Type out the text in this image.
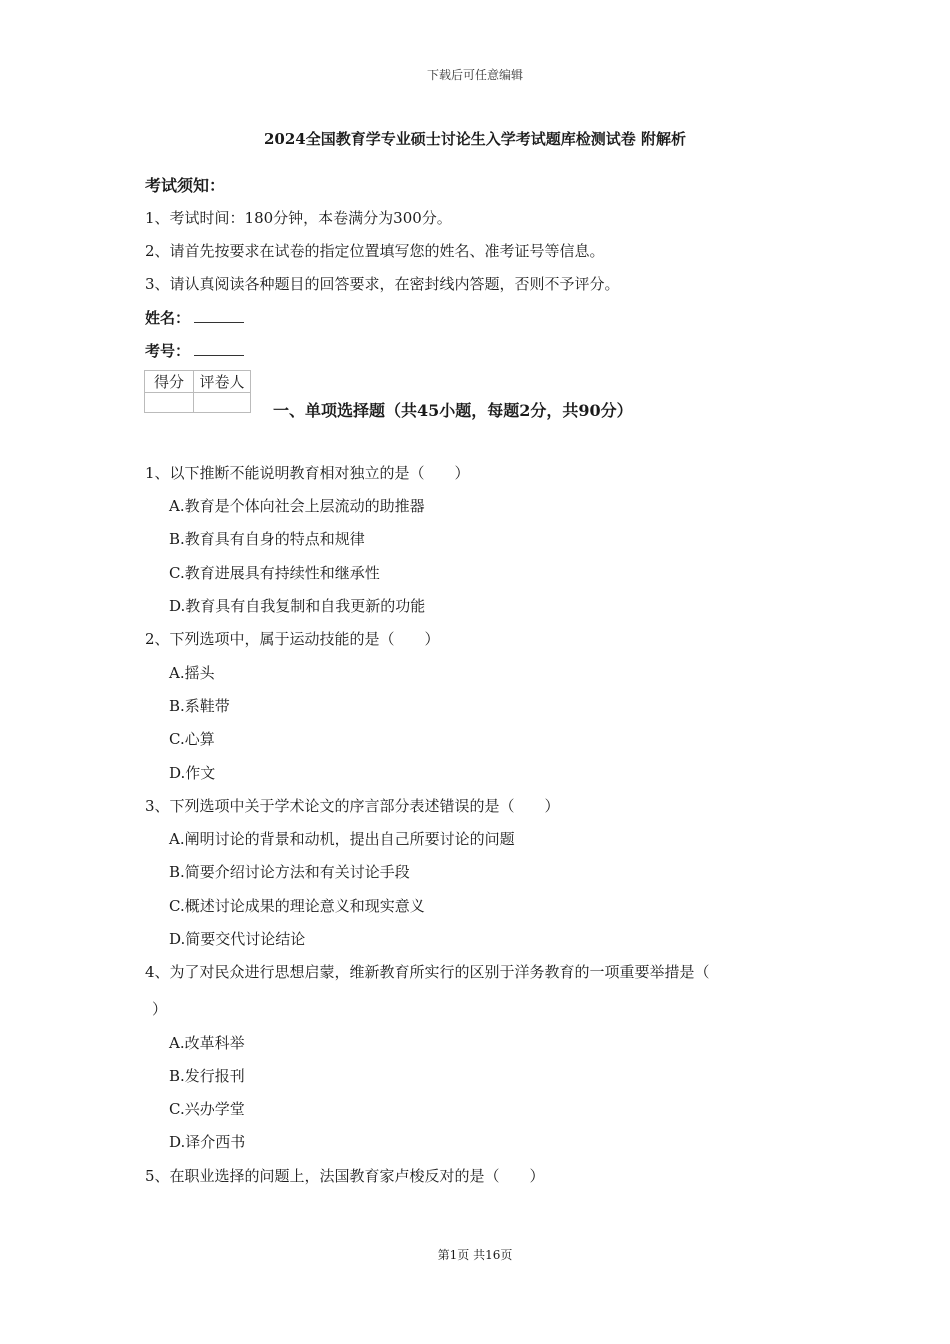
下载后可任意编辑
2024全国教育学专业硕士讨论生入学考试题库检测试卷 附解析
考试须知：
1、考试时间：180分钟，本卷满分为300分。
2、请首先按要求在试卷的指定位置填写您的姓名、准考证号等信息。
3、请认真阅读各种题目的回答要求，在密封线内答题，否则不予评分。
姓名：
考号：
得分	评卷人

一、单项选择题（共45小题，每题2分，共90分）
1、以下推断不能说明教育相对独立的是（　　）
A.教育是个体向社会上层流动的助推器
B.教育具有自身的特点和规律
C.教育进展具有持续性和继承性
D.教育具有自我复制和自我更新的功能
2、下列选项中，属于运动技能的是（　　）
A.摇头
B.系鞋带
C.心算
D.作文
3、下列选项中关于学术论文的序言部分表述错误的是（　　）
A.阐明讨论的背景和动机，提出自己所要讨论的问题
B.简要介绍讨论方法和有关讨论手段
C.概述讨论成果的理论意义和现实意义
D.简要交代讨论结论
4、为了对民众进行思想启蒙，维新教育所实行的区别于洋务教育的一项重要举措是（
）
A.改革科举
B.发行报刊
C.兴办学堂
D.译介西书
5、在职业选择的问题上，法国教育家卢梭反对的是（　　）
第1页 共16页
